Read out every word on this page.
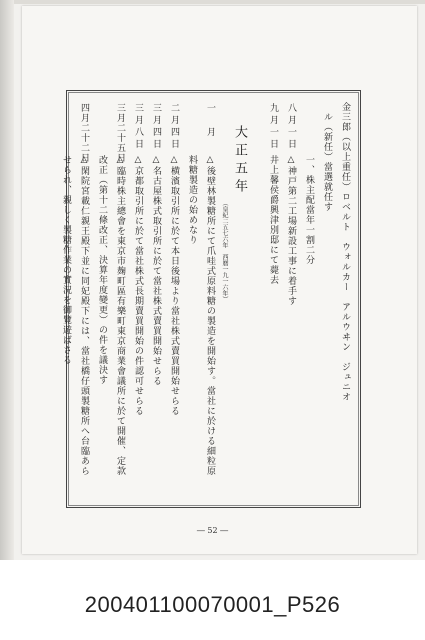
金三郎（以上重任）ロベルト　ウォルカー　アルウヰン　ジュニオ
ル（新任）當選就任す
一、株主配當年一割二分
八月一日
△神戸第二工場新設工事に着手す
九月一日
井上馨侯爵興津別邸にて薨去
大正五年
（皇紀二五七六年　西曆一九一六年）
一　月
△後壁林製糖所にて爪哇式原料糖の製造を開始す。當社に於ける細粒原
料糖製造の始めなり
二月四日
△横濱取引所に於て本日後場より當社株式賣買開始せらる
三月四日
△名古屋株式取引所に於て當社株式賣買開始せらる
三月八日
△京都取引所に於て當社株式長期賣買開始の件認可せらる
三月二十五日
△臨時株主總會を東京市麹町區有樂町東京商業會議所に於て開催、定款
改正（第十二條改正、決算年度變更）の件を議決す
四月二十二日
△閑院宮載仁親王殿下並に同妃殿下には、當社橋仔頭製糖所へ台臨あら
せられ、親しく製糖作業の實況を御覽遊ばさる
― 52 ―
200401100070001_P526
